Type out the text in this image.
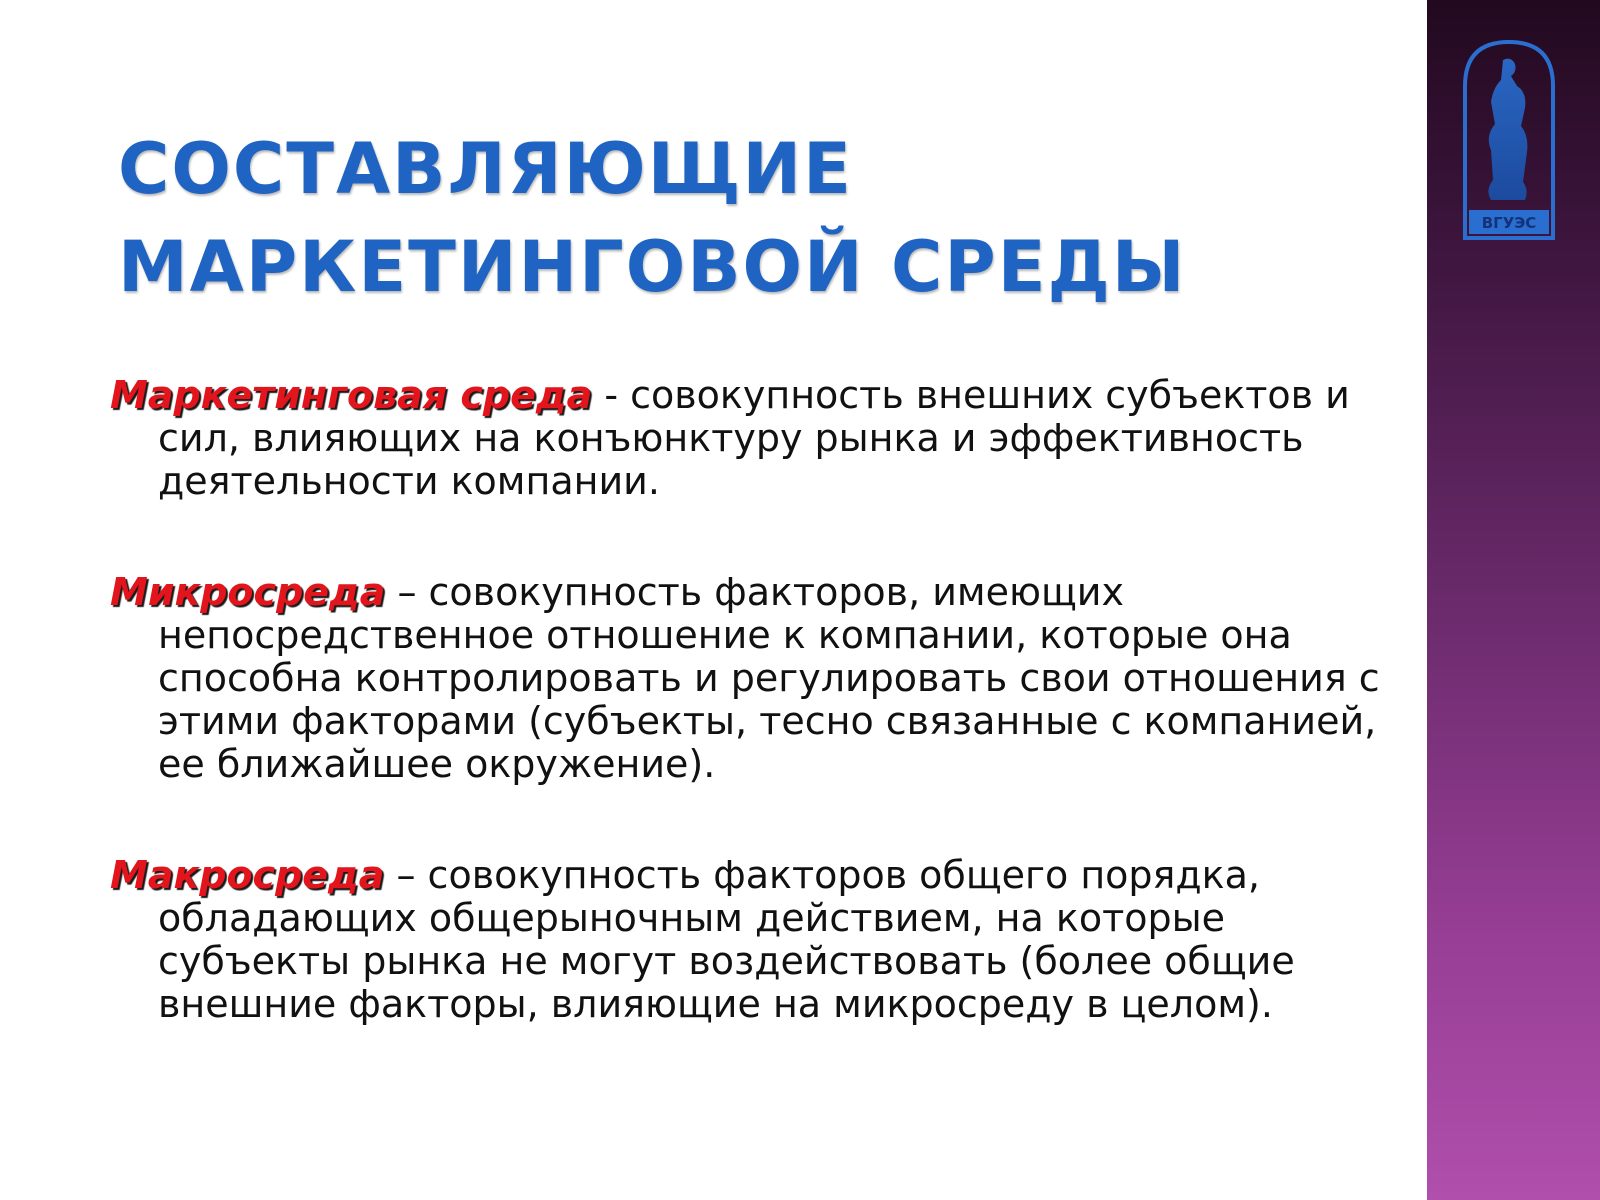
ВГУЭС
СОСТАВЛЯЮЩИЕ
МАРКЕТИНГОВОЙ СРЕДЫ

Маркетинговая среда - совокупность внешних субъектов и сил, влияющих на конъюнктуру рынка и эффективность деятельности компании.

Микросреда – совокупность факторов, имеющих непосредственное отношение к компании, которые она способна контролировать и регулировать свои отношения с этими факторами (субъекты, тесно связанные с компанией, ее ближайшее окружение).

Макросреда – совокупность факторов общего порядка, обладающих общерыночным действием, на которые субъекты рынка не могут воздействовать (более общие внешние факторы, влияющие на микросреду в целом).
